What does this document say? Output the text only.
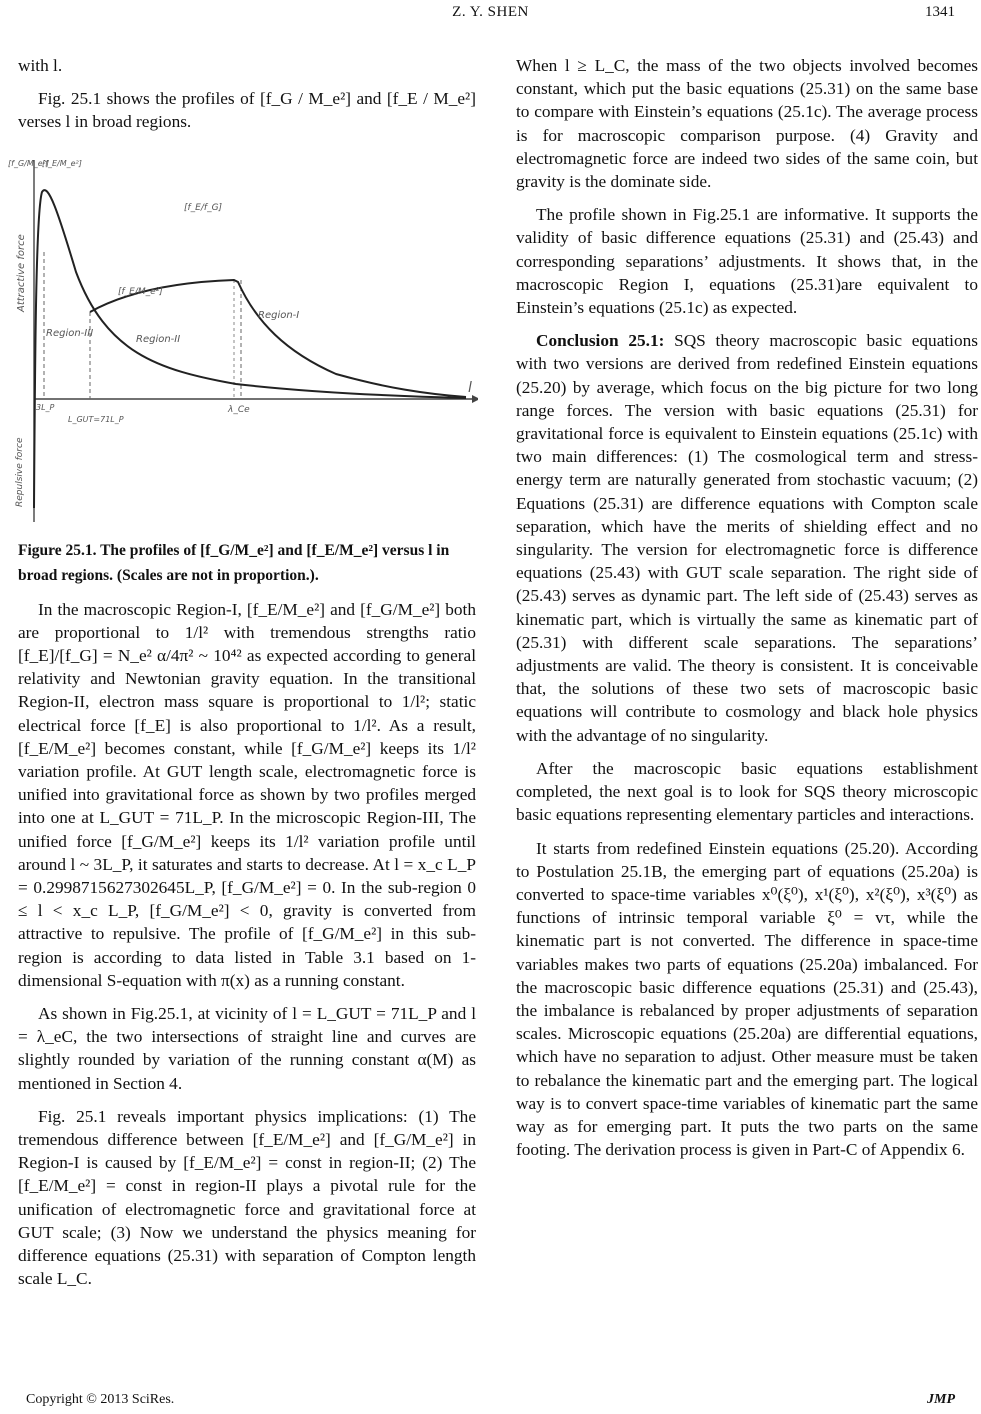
Z. Y. SHEN	1341

with l.

Fig. 25.1 shows the profiles of [f_G / M_e²] and [f_E / M_e²] verses l in broad regions.

[f_G/M_e²]
[f_E/M_e²]
Attractive force
Repulsive force
l
[f_E/f_G]
[f_E/M_e²]
Region-III
Region-II
Region-I
3L_P
L_GUT=71L_P
λ_Ce

Figure 25.1. The profiles of [f_G/M_e²] and [f_E/M_e²] versus l in broad regions. (Scales are not in proportion.).

In the macroscopic Region-I, [f_E/M_e²] and [f_G/M_e²] both are proportional to 1/l² with tremendous strengths ratio [f_E]/[f_G] = N_e² α/4π² ~ 10⁴² as expected according to general relativity and Newtonian gravity equation. In the transitional Region-II, electron mass square is proportional to 1/l²; static electrical force [f_E] is also proportional to 1/l². As a result, [f_E/M_e²] becomes constant, while [f_G/M_e²] keeps its 1/l² variation profile. At GUT length scale, electromagnetic force is unified into gravitational force as shown by two profiles merged into one at L_GUT = 71L_P. In the microscopic Region-III, The unified force [f_G/M_e²] keeps its 1/l² variation profile until around l ~ 3L_P, it saturates and starts to decrease. At l = x_c L_P = 0.2998715627302645L_P, [f_G/M_e²] = 0. In the sub-region 0 ≤ l < x_c L_P, [f_G/M_e²] < 0, gravity is converted from attractive to repulsive. The profile of [f_G/M_e²] in this sub-region is according to data listed in Table 3.1 based on 1-dimensional S-equation with π(x) as a running constant.

As shown in Fig.25.1, at vicinity of l = L_GUT = 71L_P and l = λ_eC, the two intersections of straight line and curves are slightly rounded by variation of the running constant α(M) as mentioned in Section 4.

Fig. 25.1 reveals important physics implications: (1) The tremendous difference between [f_E/M_e²] and [f_G/M_e²] in Region-I is caused by [f_E/M_e²] = const in region-II; (2) The [f_E/M_e²] = const in region-II plays a pivotal rule for the unification of electromagnetic force and gravitational force at GUT scale; (3) Now we understand the physics meaning for difference equations (25.31) with separation of Compton length scale L_C.

When l ≥ L_C, the mass of the two objects involved becomes constant, which put the basic equations (25.31) on the same base to compare with Einstein’s equations (25.1c). The average process is for macroscopic comparison purpose. (4) Gravity and electromagnetic force are indeed two sides of the same coin, but gravity is the dominate side.

The profile shown in Fig.25.1 are informative. It supports the validity of basic difference equations (25.31) and (25.43) and corresponding separations’ adjustments. It shows that, in the macroscopic Region I, equations (25.31)are equivalent to Einstein’s equations (25.1c) as expected.

Conclusion 25.1: SQS theory macroscopic basic equations with two versions are derived from redefined Einstein equations (25.20) by average, which focus on the big picture for two long range forces. The version with basic equations (25.31) for gravitational force is equivalent to Einstein equations (25.1c) with two main differences: (1) The cosmological term and stress-energy term are naturally generated from stochastic vacuum; (2) Equations (25.31) are difference equations with Compton scale separation, which have the merits of shielding effect and no singularity. The version for electromagnetic force is difference equations (25.43) with GUT scale separation. The right side of (25.43) serves as dynamic part. The left side of (25.43) serves as kinematic part, which is virtually the same as kinematic part of (25.31) with different scale separations. The separations’ adjustments are valid. The theory is consistent. It is conceivable that, the solutions of these two sets of macroscopic basic equations will contribute to cosmology and black hole physics with the advantage of no singularity.

After the macroscopic basic equations establishment completed, the next goal is to look for SQS theory microscopic basic equations representing elementary particles and interactions.

It starts from redefined Einstein equations (25.20). According to Postulation 25.1B, the emerging part of equations (25.20a) is converted to space-time variables x⁰(ξ⁰), x¹(ξ⁰), x²(ξ⁰), x³(ξ⁰) as functions of intrinsic temporal variable ξ⁰ = vτ, while the kinematic part is not converted. The difference in space-time variables makes two parts of equations (25.20a) imbalanced. For the macroscopic basic difference equations (25.31) and (25.43), the imbalance is rebalanced by proper adjustments of separation scales. Microscopic equations (25.20a) are differential equations, which have no separation to adjust. Other measure must be taken to rebalance the kinematic part and the emerging part. The logical way is to convert space-time variables of kinematic part the same way as for emerging part. It puts the two parts on the same footing. The derivation process is given in Part-C of Appendix 6.

Copyright © 2013 SciRes.	JMP
